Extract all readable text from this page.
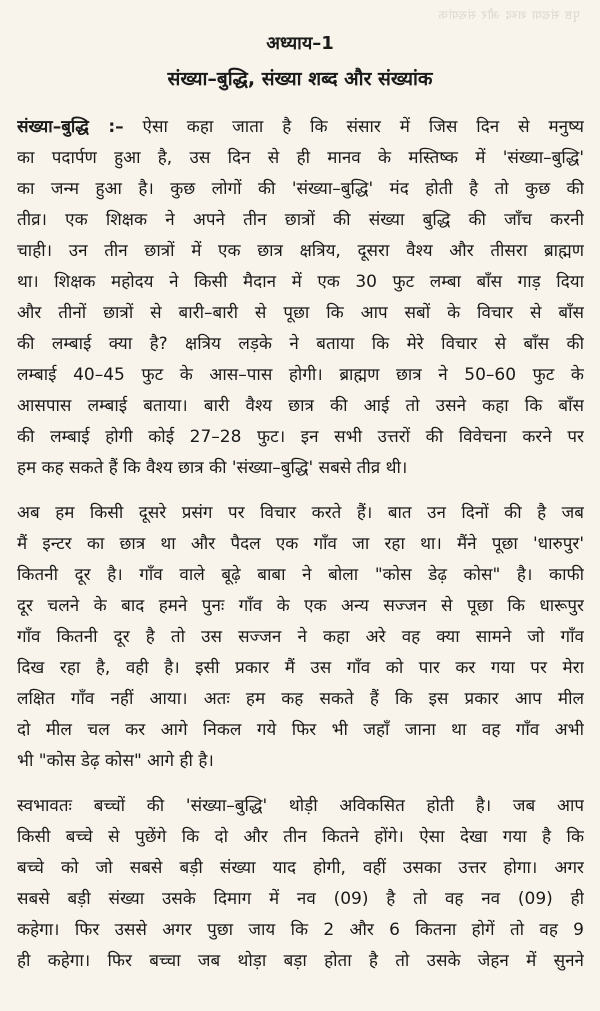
पृष्ठ संख्या शब्द और संख्यांक
अध्याय–1
संख्या–बुद्धि, संख्या शब्द और संख्यांक
संख्या–बुद्धि :– ऐसा कहा जाता है कि संसार में जिस दिन से मनुष्य
का पदार्पण हुआ है, उस दिन से ही मानव के मस्तिष्क में 'संख्या–बुद्धि'
का जन्म हुआ है। कुछ लोगों की 'संख्या–बुद्धि' मंद होती है तो कुछ की
तीव्र। एक शिक्षक ने अपने तीन छात्रों की संख्या बुद्धि की जाँच करनी
चाही। उन तीन छात्रों में एक छात्र क्षत्रिय, दूसरा वैश्य और तीसरा ब्राह्मण
था। शिक्षक महोदय ने किसी मैदान में एक 30 फुट लम्बा बाँस गाड़ दिया
और तीनों छात्रों से बारी–बारी से पूछा कि आप सबों के विचार से बाँस
की लम्बाई क्या है? क्षत्रिय लड़के ने बताया कि मेरे विचार से बाँस की
लम्बाई 40–45 फुट के आस–पास होगी। ब्राह्मण छात्र ने 50–60 फुट के
आसपास लम्बाई बताया। बारी वैश्य छात्र की आई तो उसने कहा कि बाँस
की लम्बाई होगी कोई 27–28 फुट। इन सभी उत्तरों की विवेचना करने पर
हम कह सकते हैं कि वैश्य छात्र की 'संख्या–बुद्धि' सबसे तीव्र थी।
अब हम किसी दूसरे प्रसंग पर विचार करते हैं। बात उन दिनों की है जब
मैं इन्टर का छात्र था और पैदल एक गाँव जा रहा था। मैंने पूछा 'धारुपुर'
कितनी दूर है। गाँव वाले बूढ़े बाबा ने बोला "कोस डेढ़ कोस" है। काफी
दूर चलने के बाद हमने पुनः गाँव के एक अन्य सज्जन से पूछा कि धारूपुर
गाँव कितनी दूर है तो उस सज्जन ने कहा अरे वह क्या सामने जो गाँव
दिख रहा है, वही है। इसी प्रकार मैं उस गाँव को पार कर गया पर मेरा
लक्षित गाँव नहीं आया। अतः हम कह सकते हैं कि इस प्रकार आप मील
दो मील चल कर आगे निकल गये फिर भी जहाँ जाना था वह गाँव अभी
भी "कोस डेढ़ कोस" आगे ही है।
स्वभावतः बच्चों की 'संख्या–बुद्धि' थोड़ी अविकसित होती है। जब आप
किसी बच्चे से पुछेंगे कि दो और तीन कितने होंगे। ऐसा देखा गया है कि
बच्चे को जो सबसे बड़ी संख्या याद होगी, वहीं उसका उत्तर होगा। अगर
सबसे बड़ी संख्या उसके दिमाग में नव (09) है तो वह नव (09) ही
कहेगा। फिर उससे अगर पुछा जाय कि 2 और 6 कितना होगें तो वह 9
ही कहेगा। फिर बच्चा जब थोड़ा बड़ा होता है तो उसके जेहन में सुनने
